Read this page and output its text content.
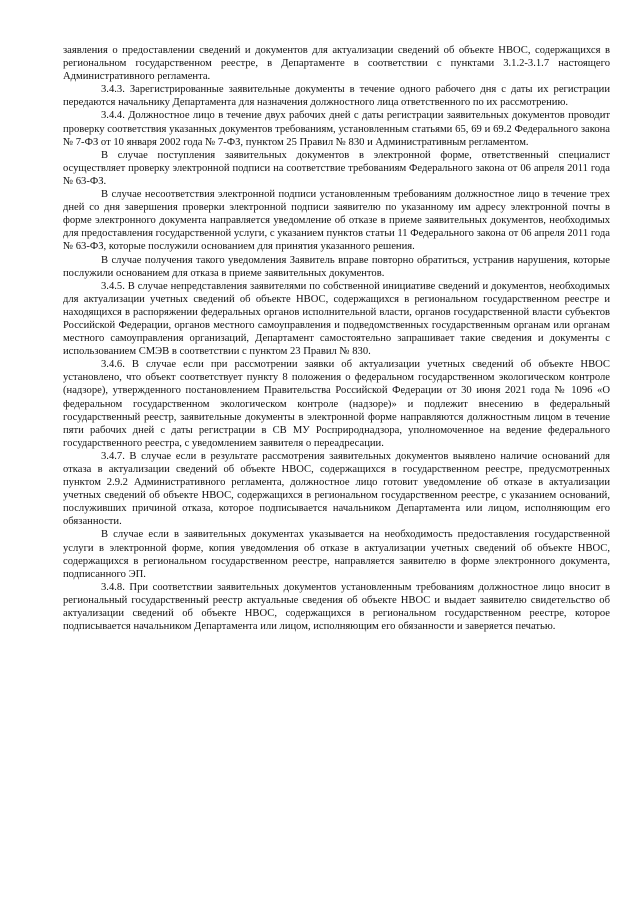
заявления о предоставлении сведений и документов для актуализации сведений об объекте НВОС, содержащихся в региональном государственном реестре, в Департаменте в соответствии с пунктами 3.1.2-3.1.7 настоящего Административного регламента.

3.4.3. Зарегистрированные заявительные документы в течение одного рабочего дня с даты их регистрации передаются начальнику Департамента для назначения должностного лица ответственного по их рассмотрению.

3.4.4. Должностное лицо в течение двух рабочих дней с даты регистрации заявительных документов проводит проверку соответствия указанных документов требованиям, установленным статьями 65, 69 и 69.2 Федерального закона № 7-ФЗ от 10 января 2002 года № 7-ФЗ, пунктом 25 Правил № 830 и Административным регламентом.

В случае поступления заявительных документов в электронной форме, ответственный специалист осуществляет проверку электронной подписи на соответствие требованиям Федерального закона от 06 апреля 2011 года № 63-ФЗ.

В случае несоответствия электронной подписи установленным требованиям должностное лицо в течение трех дней со дня завершения проверки электронной подписи заявителю по указанному им адресу электронной почты в форме электронного документа направляется уведомление об отказе в приеме заявительных документов, необходимых для предоставления государственной услуги, с указанием пунктов статьи 11 Федерального закона от 06 апреля 2011 года № 63-ФЗ, которые послужили основанием для принятия указанного решения.

В случае получения такого уведомления Заявитель вправе повторно обратиться, устранив нарушения, которые послужили основанием для отказа в приеме заявительных документов.

3.4.5. В случае непредставления заявителями по собственной инициативе сведений и документов, необходимых для актуализации учетных сведений об объекте НВОС, содержащихся в региональном государственном реестре и находящихся в распоряжении федеральных органов исполнительной власти, органов государственной власти субъектов Российской Федерации, органов местного самоуправления и подведомственных государственным органам или органам местного самоуправления организаций, Департамент самостоятельно запрашивает такие сведения и документы с использованием СМЭВ в соответствии с пунктом 23 Правил № 830.

3.4.6. В случае если при рассмотрении заявки об актуализации учетных сведений об объекте НВОС установлено, что объект соответствует пункту 8 положения о федеральном государственном экологическом контроле (надзоре), утвержденного постановлением Правительства Российской Федерации от 30 июня 2021 года № 1096 «О федеральном государственном экологическом контроле (надзоре)» и подлежит внесению в федеральный государственный реестр, заявительные документы в электронной форме направляются должностным лицом в течение пяти рабочих дней с даты регистрации в СВ МУ Росприроднадзора, уполномоченное на ведение федерального государственного реестра, с уведомлением заявителя о переадресации.

3.4.7. В случае если в результате рассмотрения заявительных документов выявлено наличие оснований для отказа в актуализации сведений об объекте НВОС, содержащихся в государственном реестре, предусмотренных пунктом 2.9.2 Административного регламента, должностное лицо готовит уведомление об отказе в актуализации учетных сведений об объекте НВОС, содержащихся в региональном государственном реестре, с указанием оснований, послуживших причиной отказа, которое подписывается начальником Департамента или лицом, исполняющим его обязанности.

В случае если в заявительных документах указывается на необходимость предоставления государственной услуги в электронной форме, копия уведомления об отказе в актуализации учетных сведений об объекте НВОС, содержащихся в региональном государственном реестре, направляется заявителю в форме электронного документа, подписанного ЭП.

3.4.8. При соответствии заявительных документов установленным требованиям должностное лицо вносит в региональный государственный реестр актуальные сведения об объекте НВОС и выдает заявителю свидетельство об актуализации сведений об объекте НВОС, содержащихся в региональном государственном реестре, которое подписывается начальником Департамента или лицом, исполняющим его обязанности и заверяется печатью.
